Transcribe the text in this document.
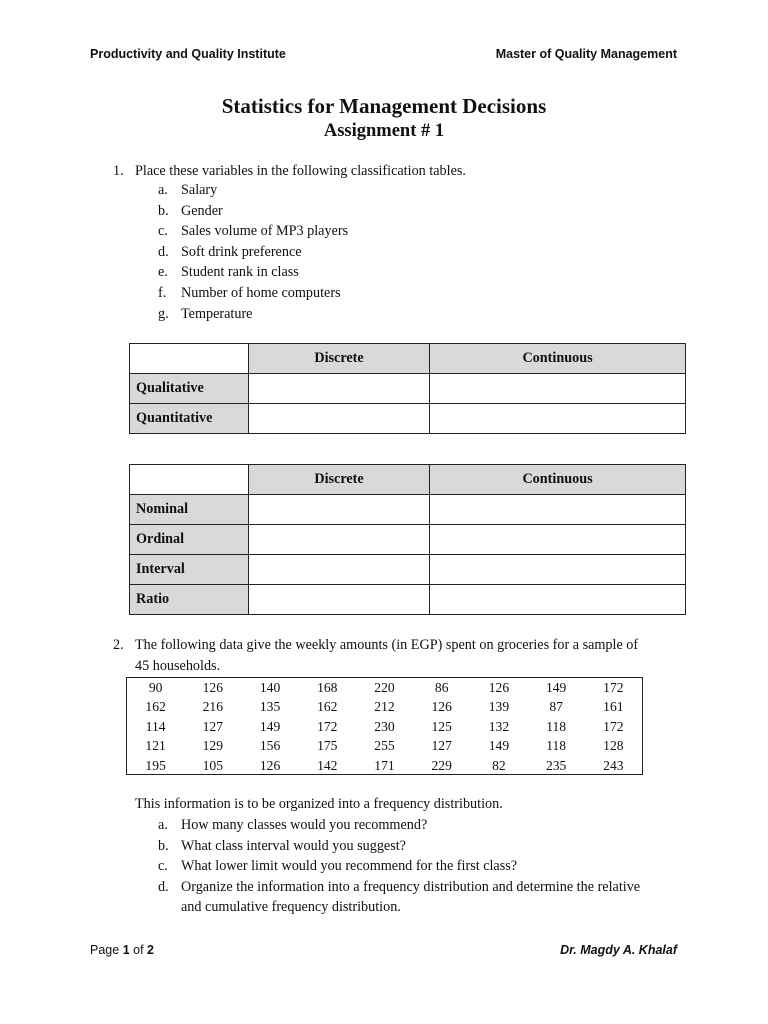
Productivity and Quality Institute	Master of Quality Management
Statistics for Management Decisions
Assignment # 1
1. Place these variables in the following classification tables.
a. Salary
b. Gender
c. Sales volume of MP3 players
d. Soft drink preference
e. Student rank in class
f. Number of home computers
g. Temperature
	Discrete	Continuous
Qualitative		
Quantitative		
	Discrete	Continuous
Nominal		
Ordinal		
Interval		
Ratio		
2. The following data give the weekly amounts (in EGP) spent on groceries for a sample of
45 households.
90	126	140	168	220	86	126	149	172
162	216	135	162	212	126	139	87	161
114	127	149	172	230	125	132	118	172
121	129	156	175	255	127	149	118	128
195	105	126	142	171	229	82	235	243
This information is to be organized into a frequency distribution.
a. How many classes would you recommend?
b. What class interval would you suggest?
c. What lower limit would you recommend for the first class?
d. Organize the information into a frequency distribution and determine the relative
and cumulative frequency distribution.
Page 1 of 2	Dr. Magdy A. Khalaf
